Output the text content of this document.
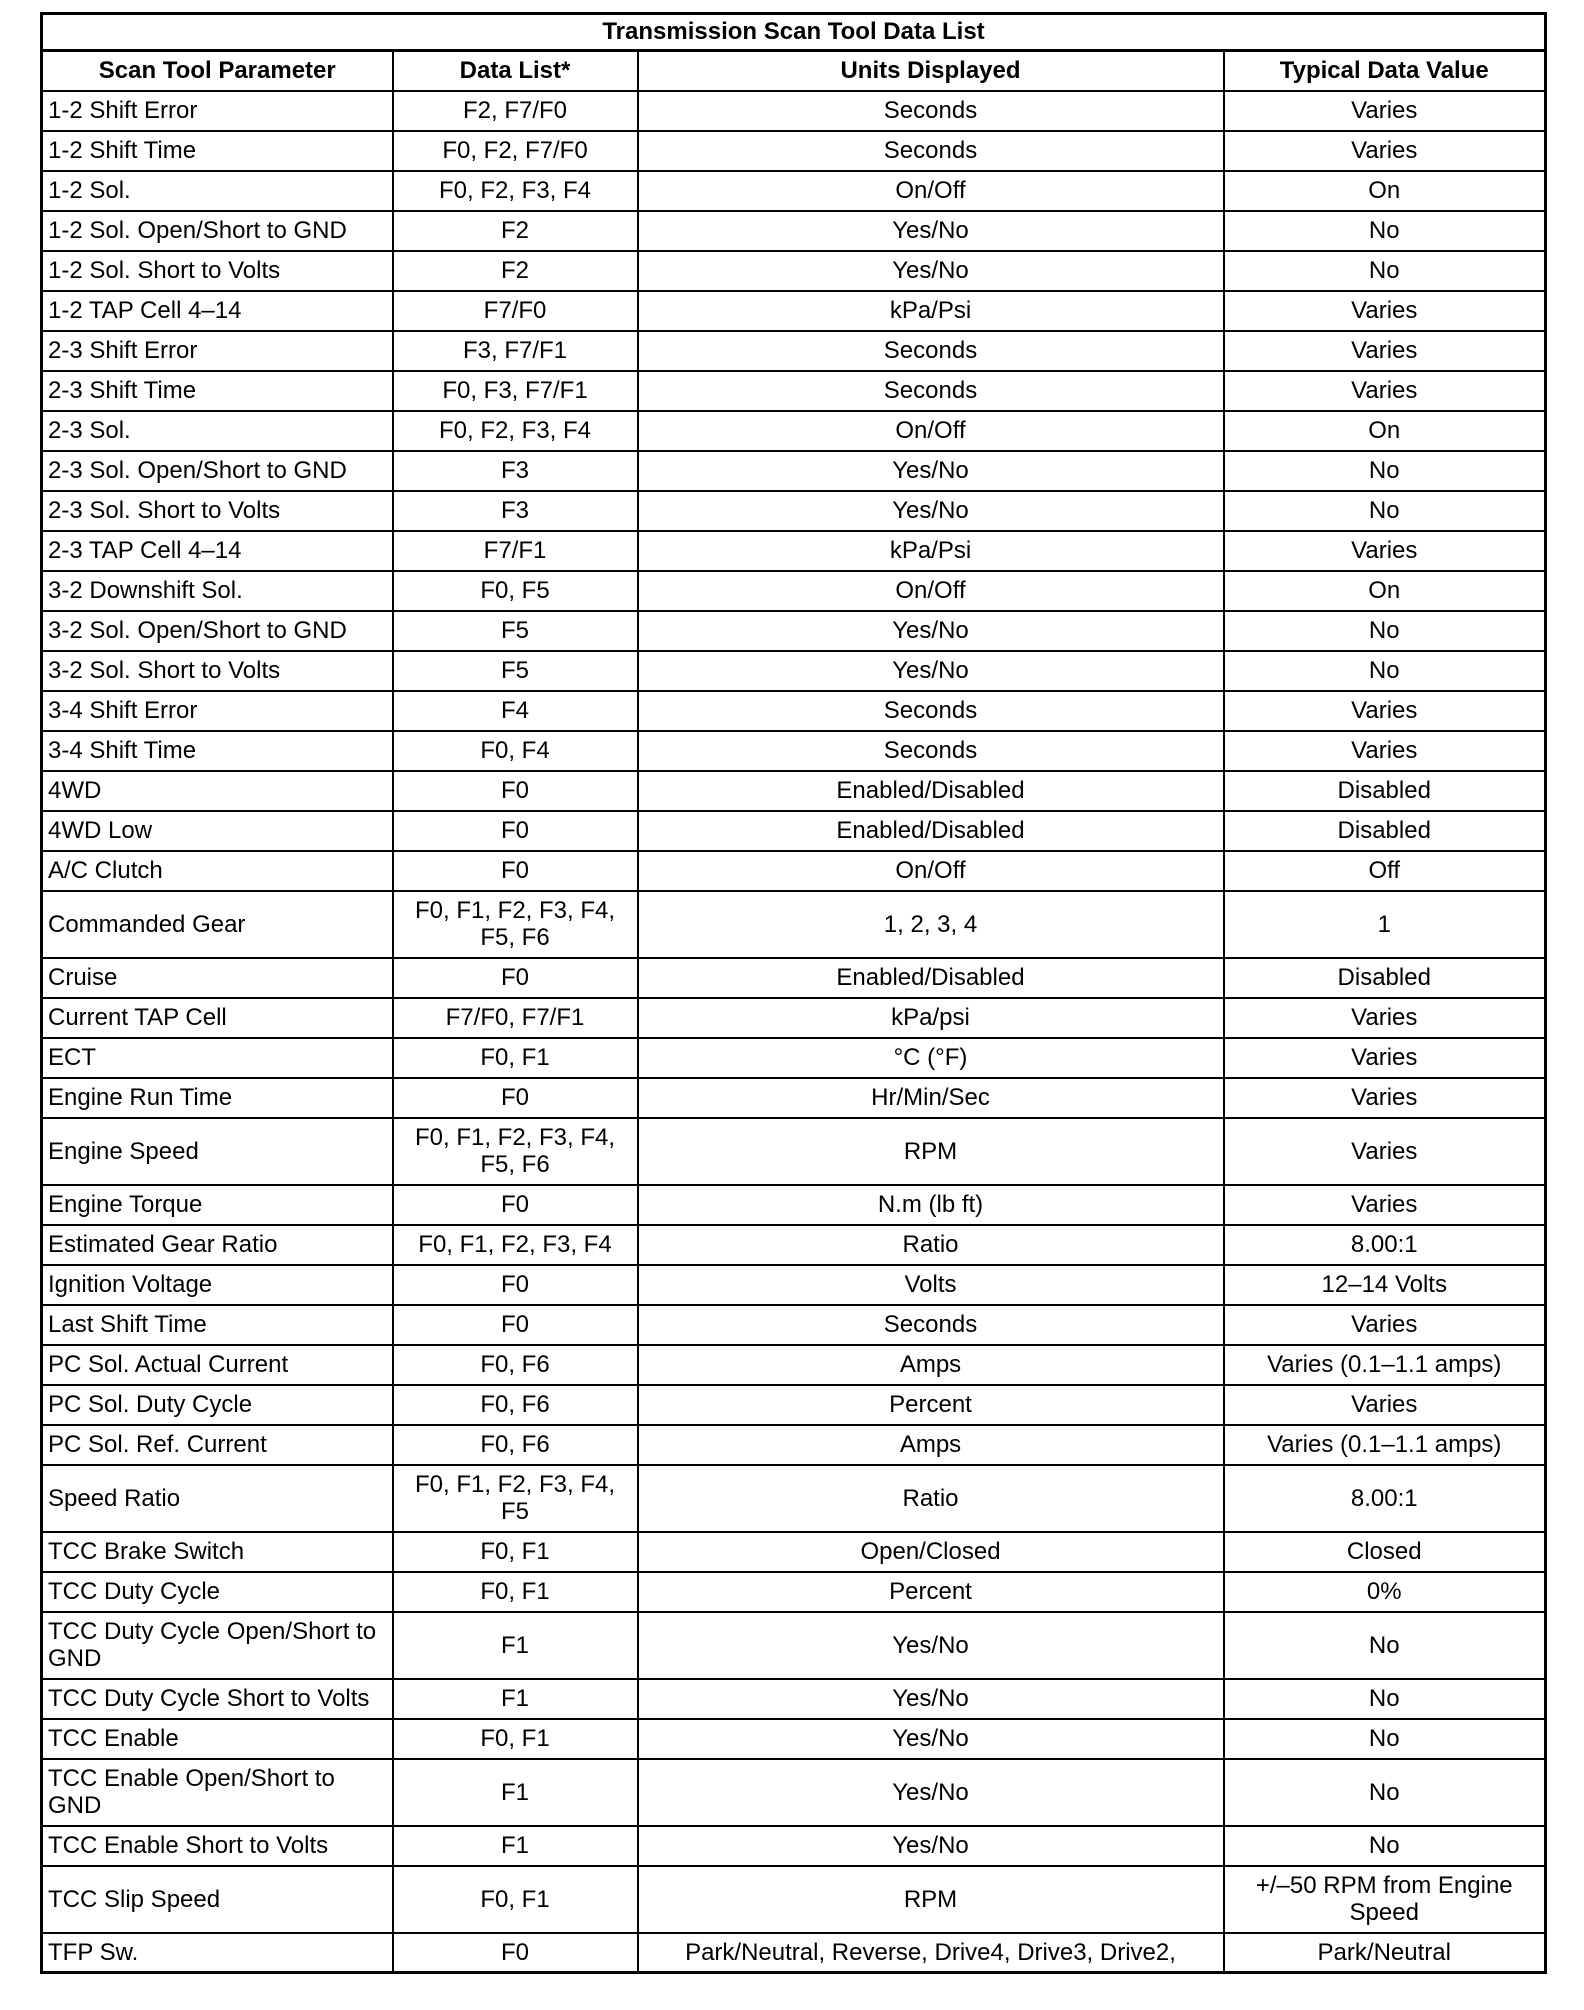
Transmission Scan Tool Data List
Scan Tool Parameter	Data List*	Units Displayed	Typical Data Value
1-2 Shift Error	F2, F7/F0	Seconds	Varies
1-2 Shift Time	F0, F2, F7/F0	Seconds	Varies
1-2 Sol.	F0, F2, F3, F4	On/Off	On
1-2 Sol. Open/Short to GND	F2	Yes/No	No
1-2 Sol. Short to Volts	F2	Yes/No	No
1-2 TAP Cell 4–14	F7/F0	kPa/Psi	Varies
2-3 Shift Error	F3, F7/F1	Seconds	Varies
2-3 Shift Time	F0, F3, F7/F1	Seconds	Varies
2-3 Sol.	F0, F2, F3, F4	On/Off	On
2-3 Sol. Open/Short to GND	F3	Yes/No	No
2-3 Sol. Short to Volts	F3	Yes/No	No
2-3 TAP Cell 4–14	F7/F1	kPa/Psi	Varies
3-2 Downshift Sol.	F0, F5	On/Off	On
3-2 Sol. Open/Short to GND	F5	Yes/No	No
3-2 Sol. Short to Volts	F5	Yes/No	No
3-4 Shift Error	F4	Seconds	Varies
3-4 Shift Time	F0, F4	Seconds	Varies
4WD	F0	Enabled/Disabled	Disabled
4WD Low	F0	Enabled/Disabled	Disabled
A/C Clutch	F0	On/Off	Off
Commanded Gear	F0, F1, F2, F3, F4, F5, F6	1, 2, 3, 4	1
Cruise	F0	Enabled/Disabled	Disabled
Current TAP Cell	F7/F0, F7/F1	kPa/psi	Varies
ECT	F0, F1	°C (°F)	Varies
Engine Run Time	F0	Hr/Min/Sec	Varies
Engine Speed	F0, F1, F2, F3, F4, F5, F6	RPM	Varies
Engine Torque	F0	N.m (lb ft)	Varies
Estimated Gear Ratio	F0, F1, F2, F3, F4	Ratio	8.00:1
Ignition Voltage	F0	Volts	12–14 Volts
Last Shift Time	F0	Seconds	Varies
PC Sol. Actual Current	F0, F6	Amps	Varies (0.1–1.1 amps)
PC Sol. Duty Cycle	F0, F6	Percent	Varies
PC Sol. Ref. Current	F0, F6	Amps	Varies (0.1–1.1 amps)
Speed Ratio	F0, F1, F2, F3, F4, F5	Ratio	8.00:1
TCC Brake Switch	F0, F1	Open/Closed	Closed
TCC Duty Cycle	F0, F1	Percent	0%
TCC Duty Cycle Open/Short to GND	F1	Yes/No	No
TCC Duty Cycle Short to Volts	F1	Yes/No	No
TCC Enable	F0, F1	Yes/No	No
TCC Enable Open/Short to GND	F1	Yes/No	No
TCC Enable Short to Volts	F1	Yes/No	No
TCC Slip Speed	F0, F1	RPM	+/–50 RPM from Engine Speed
TFP Sw.	F0	Park/Neutral, Reverse, Drive4, Drive3, Drive2,	Park/Neutral
